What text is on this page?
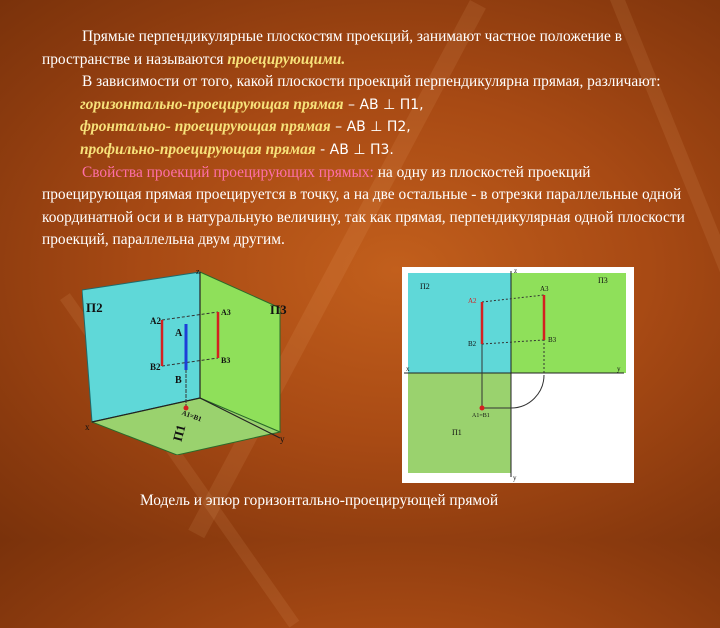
Прямые перпендикулярные плоскостям проекций, занимают частное положение в пространстве и называются проецирующими.

В зависимости от того, какой плоскости проекций перпендикулярна прямая, различают:

горизонтально-проецирующая прямая – АВ ⊥ П1,

фронтально- проецирующая прямая – АВ ⊥ П2,

профильно-проецирующая прямая - АВ ⊥ П3.

Свойства проекций проецирующих прямых: на одну из плоскостей проекций проецирующая прямая проецируется в точку, а на две остальные - в отрезки параллельные одной координатной оси и в натуральную величину, так как прямая, перпендикулярная одной плоскости проекций, параллельна двум другим.

z
y
x
П2	П3
П1
A
B
A2
B2
A3
B3
A1=B1
z
x	y
y
П2
П3
П1
A2
B2
A3
B3
A1=B1
Модель и эпюр горизонтально-проецирующей прямой
